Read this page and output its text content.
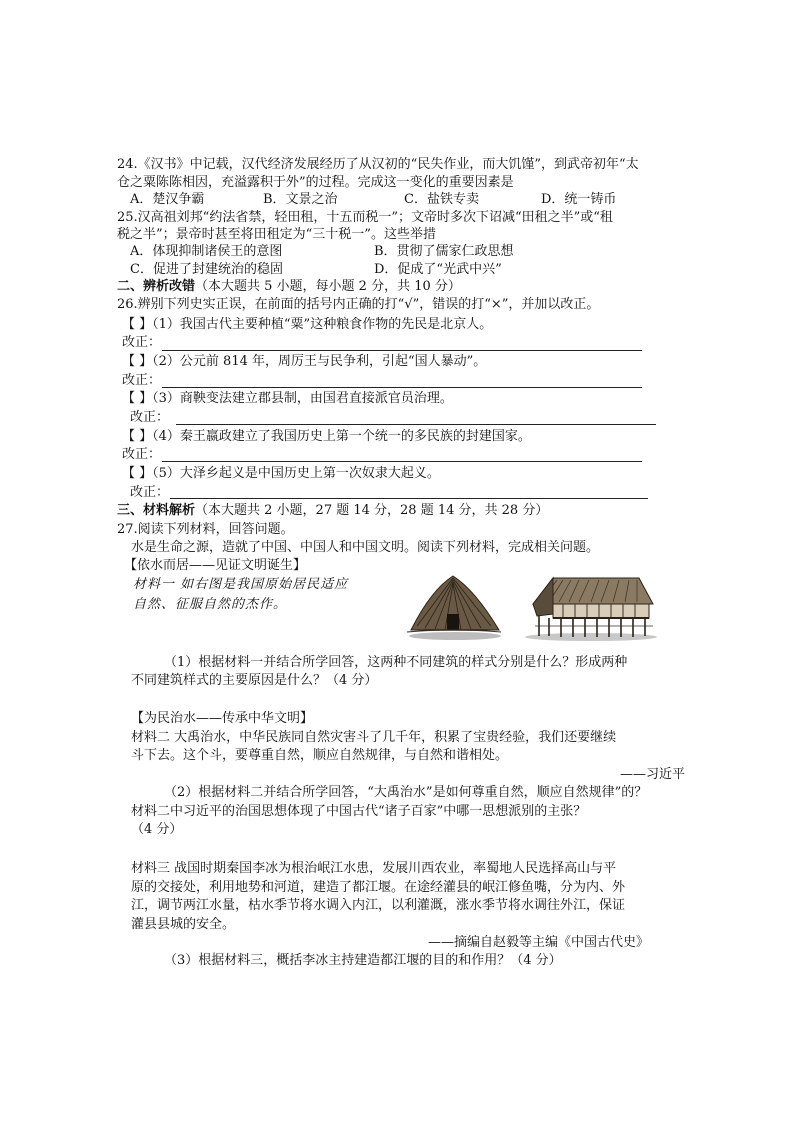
24.《汉书》中记载，汉代经济发展经历了从汉初的“民失作业，而大饥馑”，到武帝初年“太
仓之粟陈陈相因，充溢露积于外”的过程。完成这一变化的重要因素是
A．楚汉争霸	B．文景之治	C．盐铁专卖	D．统一铸币
25.汉高祖刘邦“约法省禁，轻田租，十五而税一”；文帝时多次下诏减“田租之半”或“租
税之半”；景帝时甚至将田租定为“三十税一”。这些举措
A．体现抑制诸侯王的意图	B．贯彻了儒家仁政思想
C．促进了封建统治的稳固	D．促成了“光武中兴”
二、辨析改错（本大题共 5 小题，每小题 2 分，共 10 分）
26.辨别下列史实正误，在前面的括号内正确的打“√”，错误的打“×”，并加以改正。
【 】（1）我国古代主要种植“粟”这种粮食作物的先民是北京人。
改正：
【 】（2）公元前 814 年，周厉王与民争利，引起“国人暴动”。
改正：
【 】（3）商鞅变法建立郡县制，由国君直接派官员治理。
改正：
【 】（4）秦王嬴政建立了我国历史上第一个统一的多民族的封建国家。
改正：
【 】（5）大泽乡起义是中国历史上第一次奴隶大起义。
改正：
三、材料解析（本大题共 2 小题，27 题 14 分，28 题 14 分，共 28 分）
27.阅读下列材料，回答问题。
水是生命之源，造就了中国、中国人和中国文明。阅读下列材料，完成相关问题。
【依水而居——见证文明诞生】
材料一 如右图是我国原始居民适应
自然、征服自然的杰作。
（1）根据材料一并结合所学回答，这两种不同建筑的样式分别是什么？形成两种
不同建筑样式的主要原因是什么？（4 分）
【为民治水——传承中华文明】
材料二 大禹治水，中华民族同自然灾害斗了几千年，积累了宝贵经验，我们还要继续
斗下去。这个斗，要尊重自然，顺应自然规律，与自然和谐相处。
——习近平
（2）根据材料二并结合所学回答，“大禹治水”是如何尊重自然，顺应自然规律”的？
材料二中习近平的治国思想体现了中国古代“诸子百家”中哪一思想派别的主张？
（4 分）
材料三 战国时期秦国李冰为根治岷江水患，发展川西农业，率蜀地人民选择高山与平
原的交接处，利用地势和河道，建造了都江堰。在途经灌县的岷江修鱼嘴，分为内、外
江，调节两江水量，枯水季节将水调入内江，以利灌溉，涨水季节将水调往外江，保证
灌县县城的安全。
——摘编自赵毅等主编《中国古代史》
（3）根据材料三，概括李冰主持建造都江堰的目的和作用？（4 分）
